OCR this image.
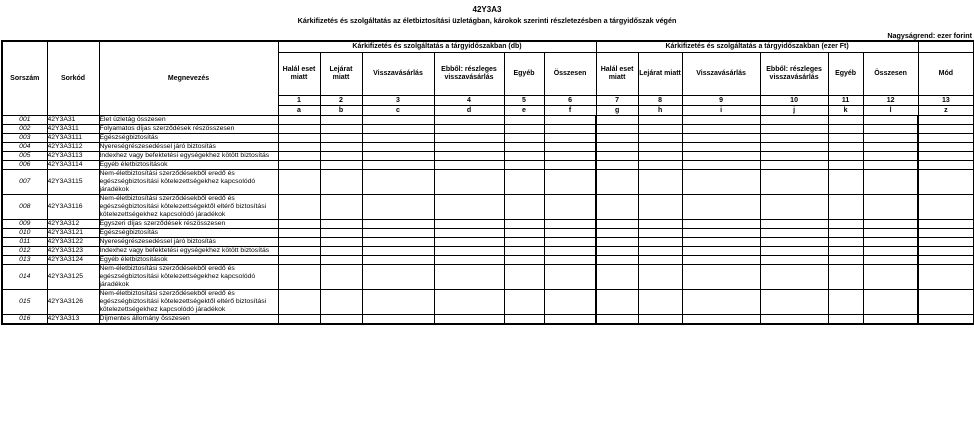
42Y3A3
Kárkifizetés és szolgáltatás az életbiztosítási üzletágban, károkok szerinti részletezésben a tárgyidőszak végén
Nagyságrend: ezer forint
Sorszám	Sorkód	Megnevezés	Kárkifizetés és szolgáltatás a tárgyidőszakban (db)						Kárkifizetés és szolgáltatás a tárgyidőszakban (ezer Ft)						
			Halál eset miatt	Lejárat miatt	Visszavásárlás	Ebből: részleges visszavásárlás	Egyéb	Összesen	Halál eset miatt	Lejárat miatt	Visszavásárlás	Ebből: részleges visszavásárlás	Egyéb	Összesen	Mód
			1	2	3	4	5	6	7	8	9	10	11	12	13
			a	b	c	d	e	f	g	h	i	j	k	l	z
001	42Y3A31	Élet üzletág összesen													
002	42Y3A311	Folyamatos díjas szerződések részösszesen													
003	42Y3A3111	Egészségbiztosítás													
004	42Y3A3112	Nyereségrészesedéssel járó biztosítás													
005	42Y3A3113	Indexhez vagy befektetési egységekhez kötött biztosítás													
006	42Y3A3114	Egyéb életbiztosítások													
007	42Y3A3115	Nem-életbiztosítási szerződésekből eredő és egészségbiztosítási kötelezettségekhez kapcsolódó járadékok													
008	42Y3A3116	Nem-életbiztosítási szerződésekből eredő és egészségbiztosítási kötelezettségektől eltérő biztosítási kötelezettségekhez kapcsolódó járadékok													
009	42Y3A312	Egyszeri díjas szerződések részösszesen													
010	42Y3A3121	Egészségbiztosítás													
011	42Y3A3122	Nyereségrészesedéssel járó biztosítás													
012	42Y3A3123	Indexhez vagy befektetési egységekhez kötött biztosítás													
013	42Y3A3124	Egyéb életbiztosítások													
014	42Y3A3125	Nem-életbiztosítási szerződésekből eredő és egészségbiztosítási kötelezettségekhez kapcsolódó járadékok													
015	42Y3A3126	Nem-életbiztosítási szerződésekből eredő és egészségbiztosítási kötelezettségektől eltérő biztosítási kötelezettségekhez kapcsolódó járadékok													
016	42Y3A313	Díjmentes állomány összesen													
